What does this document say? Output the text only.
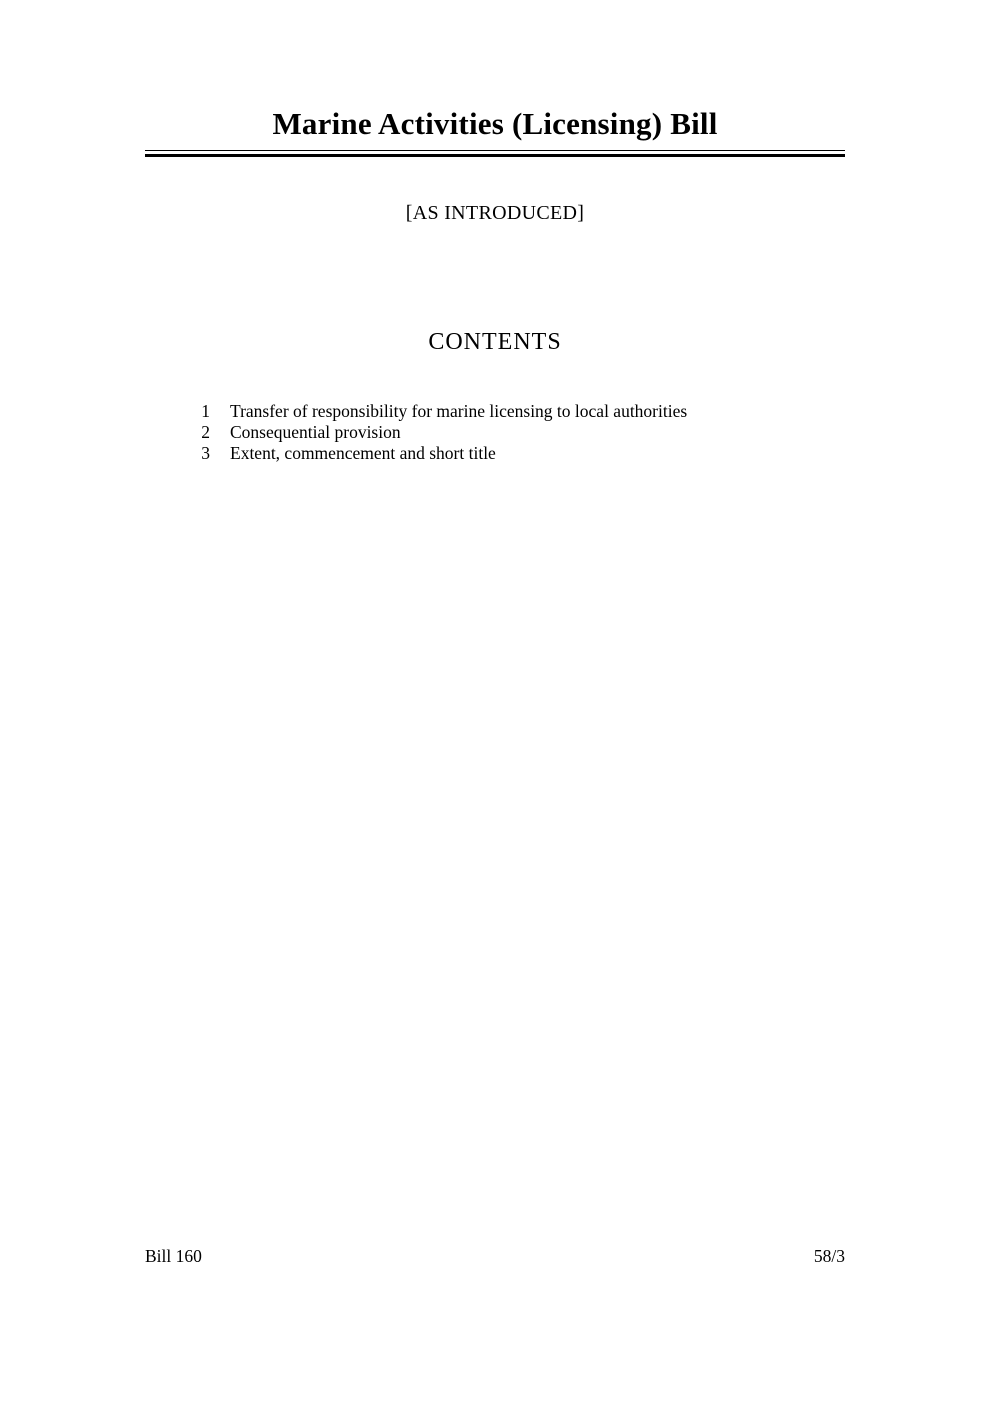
Marine Activities (Licensing) Bill
[AS INTRODUCED]
CONTENTS
1	Transfer of responsibility for marine licensing to local authorities
2	Consequential provision
3	Extent, commencement and short title
Bill 160	58/3
